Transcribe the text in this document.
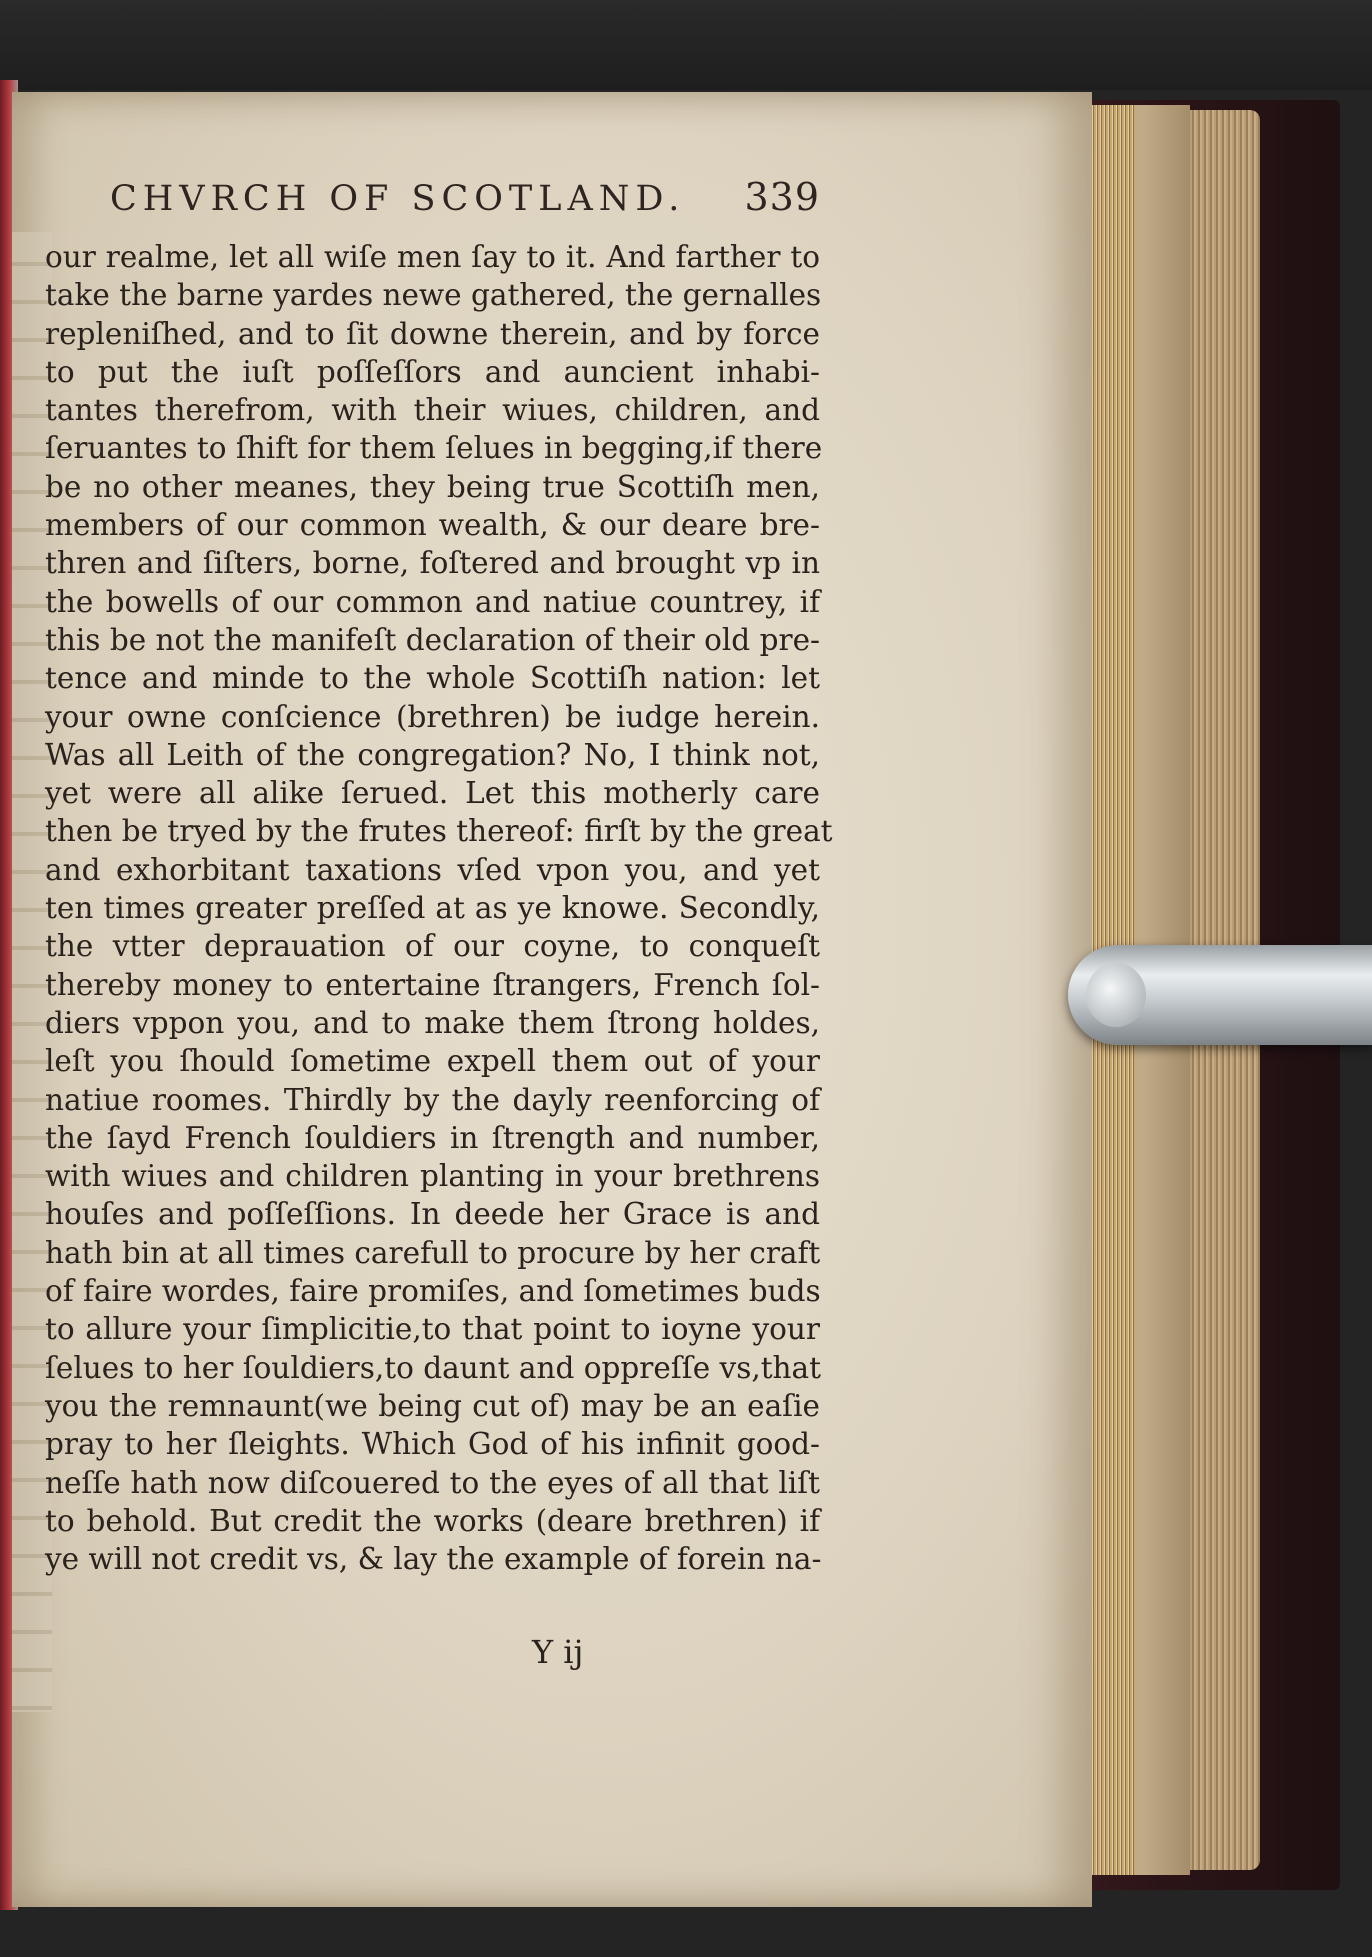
CHVRCH OF SCOTLAND. 339
our realme, let all wiſe men ſay to it. And farther to
take the barne yardes newe gathered, the gernalles
repleniſhed, and to ſit downe therein, and by force
to put the iuſt poſſeſſors and auncient inhabi-
tantes therefrom, with their wiues, children, and
ſeruantes to ſhift for them ſelues in begging,if there
be no other meanes, they being true Scottiſh men,
members of our common wealth, & our deare bre-
thren and ſiſters, borne, foſtered and brought vp in
the bowells of our common and natiue countrey, if
this be not the manifeſt declaration of their old pre-
tence and minde to the whole Scottiſh nation: let
your owne conſcience (brethren) be iudge herein.
Was all Leith of the congregation? No, I think not,
yet were all alike ſerued. Let this motherly care
then be tryed by the frutes thereof: firſt by the great
and exhorbitant taxations vſed vpon you, and yet
ten times greater preſſed at as ye knowe. Secondly,
the vtter deprauation of our coyne, to conqueſt
thereby money to entertaine ſtrangers, French ſol-
diers vppon you, and to make them ſtrong holdes,
leſt you ſhould ſometime expell them out of your
natiue roomes. Thirdly by the dayly reenforcing of
the ſayd French ſouldiers in ſtrength and number,
with wiues and children planting in your brethrens
houſes and poſſeſſions. In deede her Grace is and
hath bin at all times carefull to procure by her craft
of faire wordes, faire promiſes, and ſometimes buds
to allure your ſimplicitie,to that point to ioyne your
ſelues to her ſouldiers,to daunt and oppreſſe vs,that
you the remnaunt(we being cut of) may be an eaſie
pray to her ſleights. Which God of his infinit good-
neſſe hath now diſcouered to the eyes of all that liſt
to behold. But credit the works (deare brethren) if
ye will not credit vs, & lay the example of forein na-
Y ij
